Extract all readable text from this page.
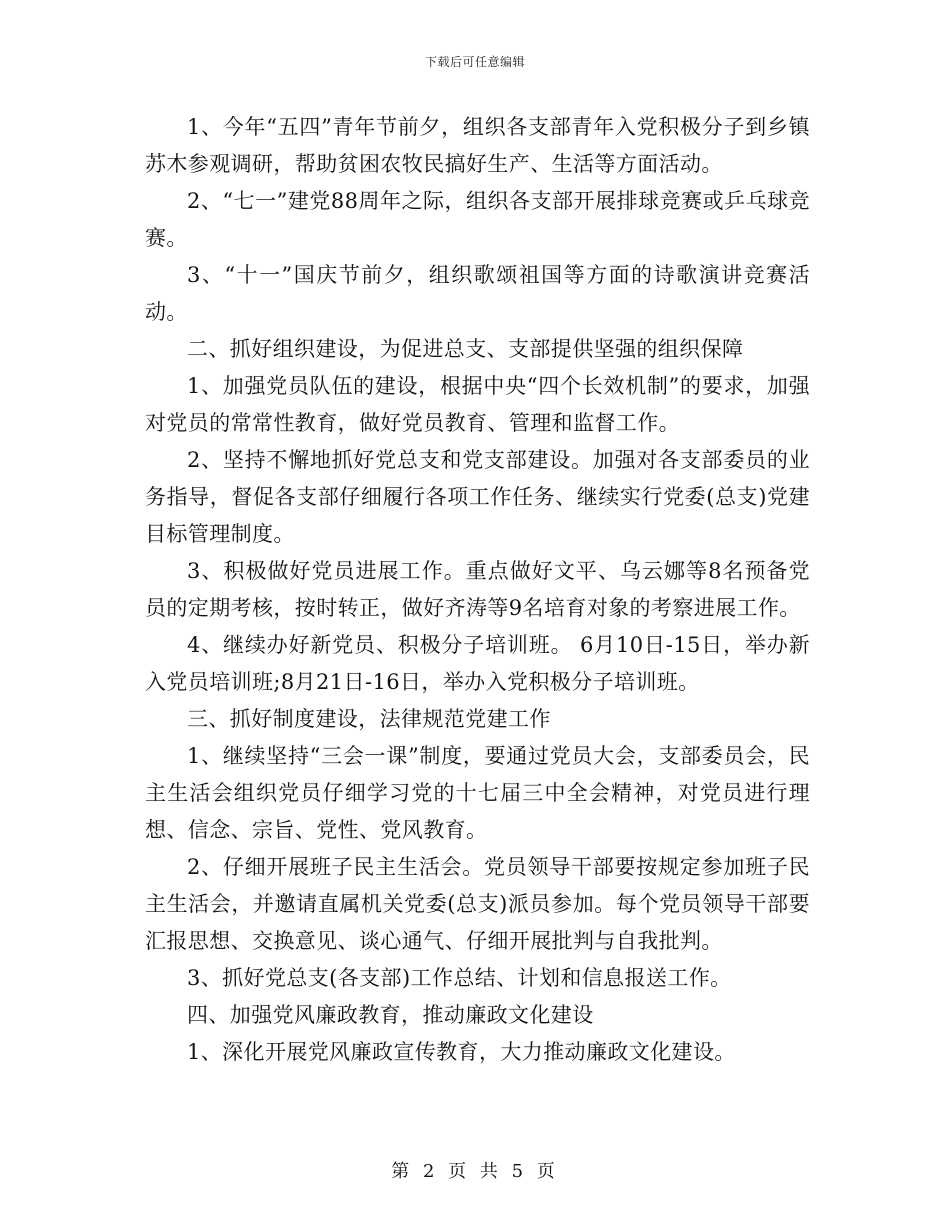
下载后可任意编辑

1、今年“五四”青年节前夕，组织各支部青年入党积极分子到乡镇苏木参观调研，帮助贫困农牧民搞好生产、生活等方面活动。

2、“七一”建党88周年之际，组织各支部开展排球竞赛或乒乓球竞赛。

3、“十一”国庆节前夕，组织歌颂祖国等方面的诗歌演讲竞赛活动。

二、抓好组织建设，为促进总支、支部提供坚强的组织保障

1、加强党员队伍的建设，根据中央“四个长效机制”的要求，加强对党员的常常性教育，做好党员教育、管理和监督工作。

2、坚持不懈地抓好党总支和党支部建设。加强对各支部委员的业务指导，督促各支部仔细履行各项工作任务、继续实行党委(总支)党建目标管理制度。

3、积极做好党员进展工作。重点做好文平、乌云娜等8名预备党员的定期考核，按时转正，做好齐涛等9名培育对象的考察进展工作。

4、继续办好新党员、积极分子培训班。 6月10日-15日，举办新入党员培训班;8月21日-16日，举办入党积极分子培训班。

三、抓好制度建设，法律规范党建工作

1、继续坚持“三会一课”制度，要通过党员大会，支部委员会，民主生活会组织党员仔细学习党的十七届三中全会精神，对党员进行理想、信念、宗旨、党性、党风教育。

2、仔细开展班子民主生活会。党员领导干部要按规定参加班子民主生活会，并邀请直属机关党委(总支)派员参加。每个党员领导干部要汇报思想、交换意见、谈心通气、仔细开展批判与自我批判。

3、抓好党总支(各支部)工作总结、计划和信息报送工作。

四、加强党风廉政教育，推动廉政文化建设

1、深化开展党风廉政宣传教育，大力推动廉政文化建设。

第 2 页 共 5 页
